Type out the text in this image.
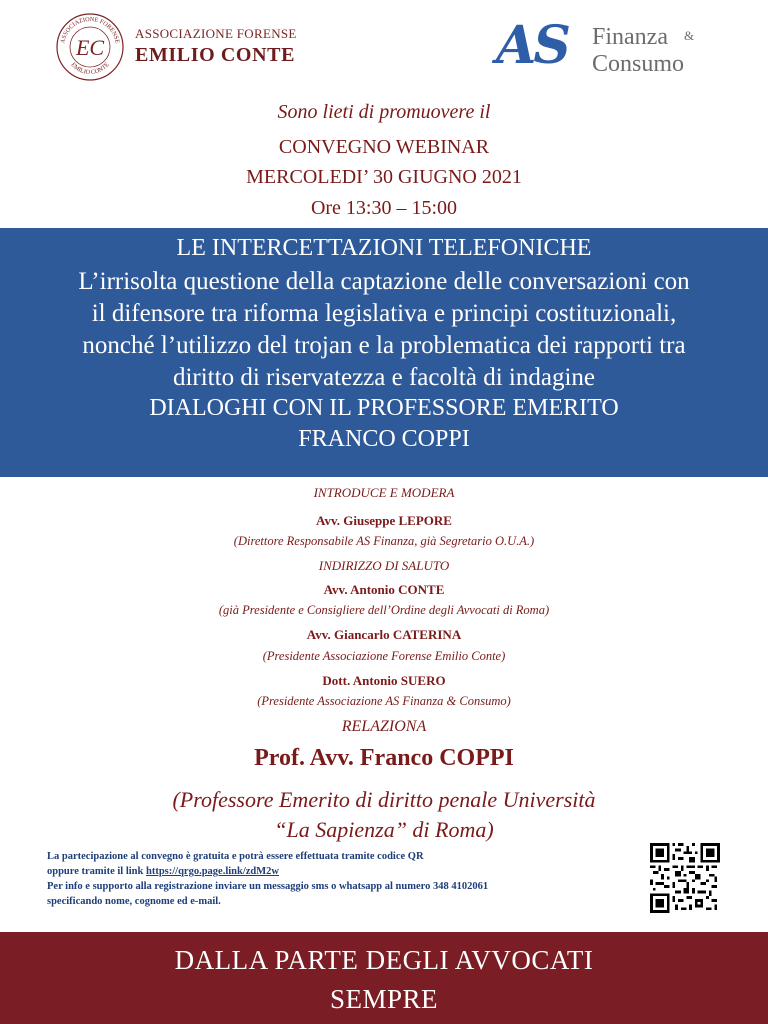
ASSOCIAZIONE FORENSE
EMILIO CONTE
EC
ASSOCIAZIONE FORENSE
EMILIO CONTE	AS Finanza &
Consumo
Sono lieti di promuovere il
CONVEGNO WEBINAR
MERCOLEDI’ 30 GIUGNO 2021
Ore 13:30 – 15:00
LE INTERCETTAZIONI TELEFONICHE
L’irrisolta questione della captazione delle conversazioni con
il difensore tra riforma legislativa e principi costituzionali,
nonché l’utilizzo del trojan e la problematica dei rapporti tra
diritto di riservatezza e facoltà di indagine
DIALOGHI CON IL PROFESSORE EMERITO
FRANCO COPPI
INTRODUCE E MODERA
Avv. Giuseppe LEPORE
(Direttore Responsabile AS Finanza, già Segretario O.U.A.)
INDIRIZZO DI SALUTO
Avv. Antonio CONTE
(già Presidente e Consigliere dell’Ordine degli Avvocati di Roma)
Avv. Giancarlo CATERINA
(Presidente Associazione Forense Emilio Conte)
Dott. Antonio SUERO
(Presidente Associazione AS Finanza & Consumo)
RELAZIONA
Prof. Avv. Franco COPPI
(Professore Emerito di diritto penale Università
“La Sapienza” di Roma)
La partecipazione al convegno è gratuita e potrà essere effettuata tramite codice QR
oppure tramite il link https://qrgo.page.link/zdM2w
Per info e supporto alla registrazione inviare un messaggio sms o whatsapp al numero 348 4102061
specificando nome, cognome ed e-mail.
DALLA PARTE DEGLI AVVOCATI
SEMPRE
